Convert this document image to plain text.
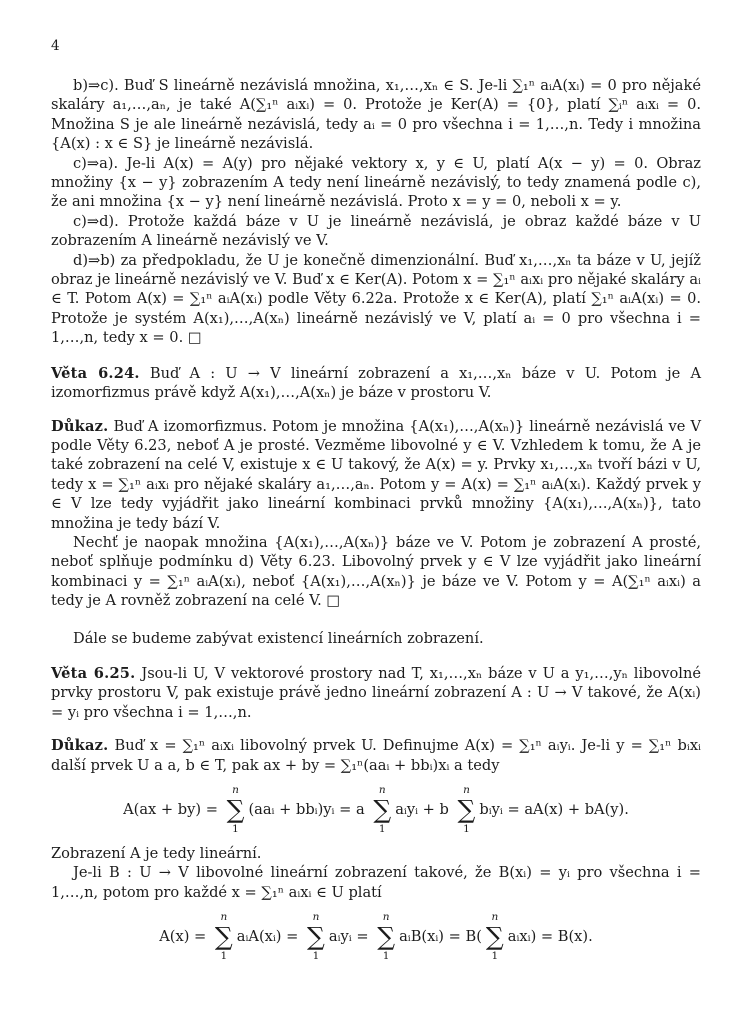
4

b)⇒c). Buď S lineárně nezávislá množina, x₁,…,xₙ ∈ S. Je-li ∑₁ⁿ aᵢA(xᵢ) = 0 pro nějaké skaláry a₁,…,aₙ, je také A(∑₁ⁿ aᵢxᵢ) = 0. Protože je Ker(A) = {0}, platí ∑ᵢⁿ aᵢxᵢ = 0. Množina S je ale lineárně nezávislá, tedy aᵢ = 0 pro všechna i = 1,…,n. Tedy i množina {A(x) : x ∈ S} je lineárně nezávislá.

c)⇒a). Je-li A(x) = A(y) pro nějaké vektory x, y ∈ U, platí A(x − y) = 0. Obraz množiny {x − y} zobrazením A tedy není lineárně nezávislý, to tedy znamená podle c), že ani množina {x − y} není lineárně nezávislá. Proto x = y = 0, neboli x = y.

c)⇒d). Protože každá báze v U je lineárně nezávislá, je obraz každé báze v U zobrazením A lineárně nezávislý ve V.

d)⇒b) za předpokladu, že U je konečně dimenzionální. Buď x₁,…,xₙ ta báze v U, jejíž obraz je lineárně nezávislý ve V. Buď x ∈ Ker(A). Potom x = ∑₁ⁿ aᵢxᵢ pro nějaké skaláry aᵢ ∈ T. Potom A(x) = ∑₁ⁿ aᵢA(xᵢ) podle Věty 6.22a. Protože x ∈ Ker(A), platí ∑₁ⁿ aᵢA(xᵢ) = 0. Protože je systém A(x₁),…,A(xₙ) lineárně nezávislý ve V, platí aᵢ = 0 pro všechna i = 1,…,n, tedy x = 0. □

Věta 6.24. Buď A : U → V lineární zobrazení a x₁,…,xₙ báze v U. Potom je A izomorfizmus právě když A(x₁),…,A(xₙ) je báze v prostoru V.

Důkaz. Buď A izomorfizmus. Potom je množina {A(x₁),…,A(xₙ)} lineárně nezávislá ve V podle Věty 6.23, neboť A je prosté. Vezměme libovolné y ∈ V. Vzhledem k tomu, že A je také zobrazení na celé V, existuje x ∈ U takový, že A(x) = y. Prvky x₁,…,xₙ tvoří bázi v U, tedy x = ∑₁ⁿ aᵢxᵢ pro nějaké skaláry a₁,…,aₙ. Potom y = A(x) = ∑₁ⁿ aᵢA(xᵢ). Každý prvek y ∈ V lze tedy vyjádřit jako lineární kombinaci prvků množiny {A(x₁),…,A(xₙ)}, tato množina je tedy bází V.

Nechť je naopak množina {A(x₁),…,A(xₙ)} báze ve V. Potom je zobrazení A prosté, neboť splňuje podmínku d) Věty 6.23. Libovolný prvek y ∈ V lze vyjádřit jako lineární kombinaci y = ∑₁ⁿ aᵢA(xᵢ), neboť {A(x₁),…,A(xₙ)} je báze ve V. Potom y = A(∑₁ⁿ aᵢxᵢ) a tedy je A rovněž zobrazení na celé V. □

Dále se budeme zabývat existencí lineárních zobrazení.

Věta 6.25. Jsou-li U, V vektorové prostory nad T, x₁,…,xₙ báze v U a y₁,…,yₙ libovolné prvky prostoru V, pak existuje právě jedno lineární zobrazení A : U → V takové, že A(xᵢ) = yᵢ pro všechna i = 1,…,n.

Důkaz. Buď x = ∑₁ⁿ aᵢxᵢ libovolný prvek U. Definujme A(x) = ∑₁ⁿ aᵢyᵢ. Je-li y = ∑₁ⁿ bᵢxᵢ další prvek U a a, b ∈ T, pak ax + by = ∑₁ⁿ(aaᵢ + bbᵢ)xᵢ a tedy

A(ax + by) =
n
∑
1
(aaᵢ + bbᵢ)yᵢ = a
n
∑
1
aᵢyᵢ + b
n
∑
1
bᵢyᵢ = aA(x) + bA(y).

Zobrazení A je tedy lineární.

Je-li B : U → V libovolné lineární zobrazení takové, že B(xᵢ) = yᵢ pro všechna i = 1,…,n, potom pro každé x = ∑₁ⁿ aᵢxᵢ ∈ U platí

A(x) =
n
∑
1
aᵢA(xᵢ) =
n
∑
1
aᵢyᵢ =
n
∑
1
aᵢB(xᵢ) = B(
n
∑
1
aᵢxᵢ) = B(x).
